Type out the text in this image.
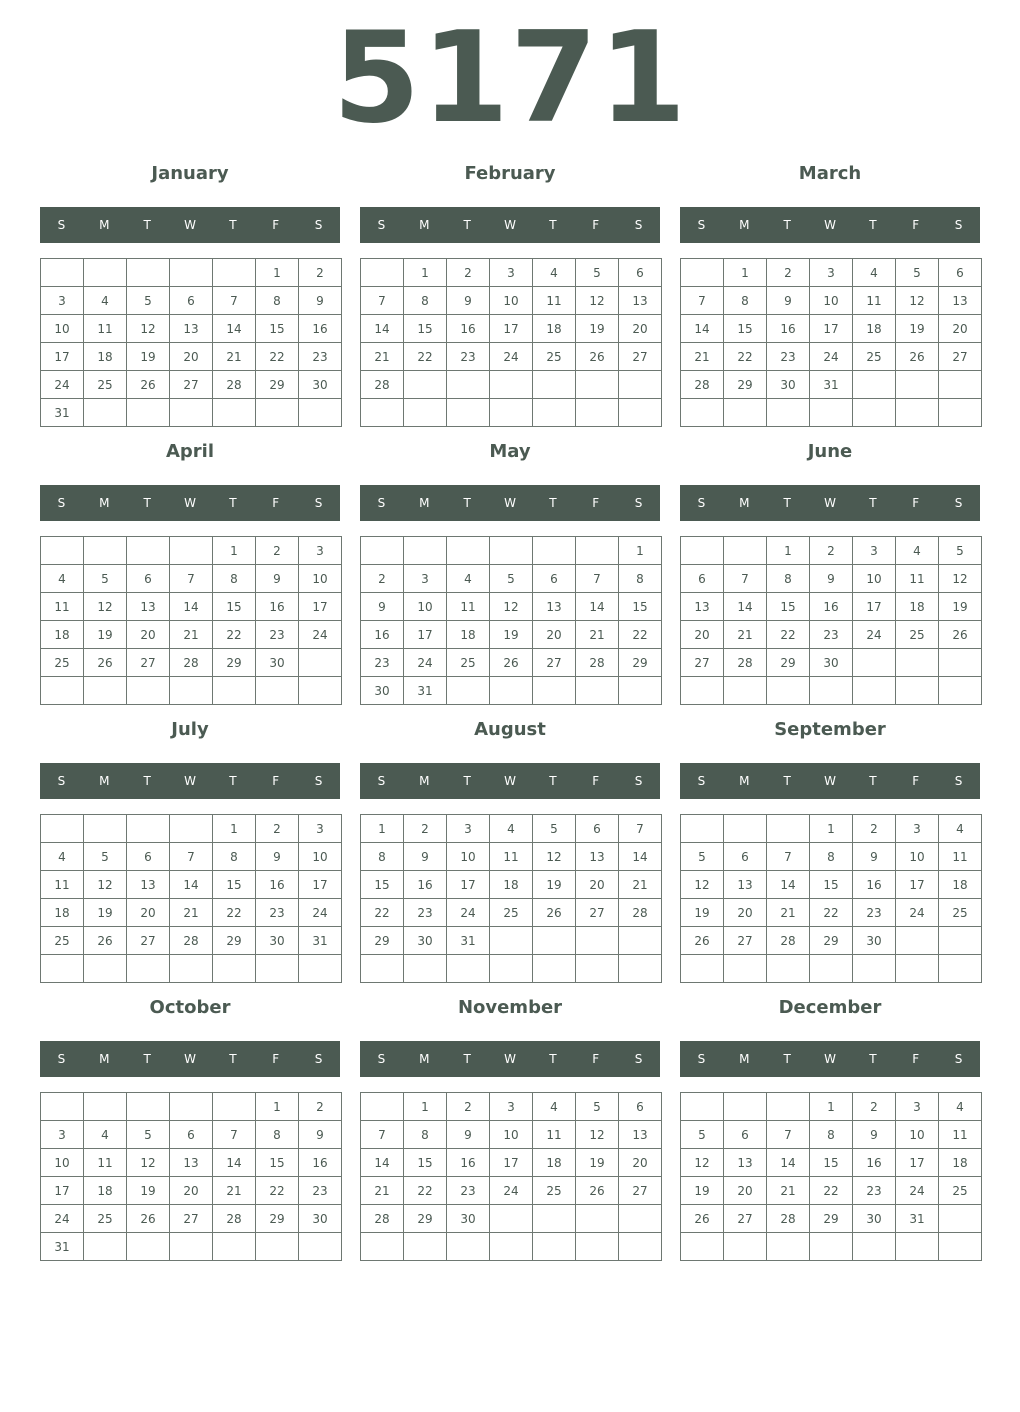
5171
January
S	M	T	W	T	F	S
					1	2
3	4	5	6	7	8	9
10	11	12	13	14	15	16
17	18	19	20	21	22	23
24	25	26	27	28	29	30
31						
February
S	M	T	W	T	F	S
	1	2	3	4	5	6
7	8	9	10	11	12	13
14	15	16	17	18	19	20
21	22	23	24	25	26	27
28						

March
S	M	T	W	T	F	S
	1	2	3	4	5	6
7	8	9	10	11	12	13
14	15	16	17	18	19	20
21	22	23	24	25	26	27
28	29	30	31			

April
S	M	T	W	T	F	S
				1	2	3
4	5	6	7	8	9	10
11	12	13	14	15	16	17
18	19	20	21	22	23	24
25	26	27	28	29	30	

May
S	M	T	W	T	F	S
						1
2	3	4	5	6	7	8
9	10	11	12	13	14	15
16	17	18	19	20	21	22
23	24	25	26	27	28	29
30	31					
June
S	M	T	W	T	F	S
		1	2	3	4	5
6	7	8	9	10	11	12
13	14	15	16	17	18	19
20	21	22	23	24	25	26
27	28	29	30			

July
S	M	T	W	T	F	S
				1	2	3
4	5	6	7	8	9	10
11	12	13	14	15	16	17
18	19	20	21	22	23	24
25	26	27	28	29	30	31

August
S	M	T	W	T	F	S
1	2	3	4	5	6	7
8	9	10	11	12	13	14
15	16	17	18	19	20	21
22	23	24	25	26	27	28
29	30	31				

September
S	M	T	W	T	F	S
			1	2	3	4
5	6	7	8	9	10	11
12	13	14	15	16	17	18
19	20	21	22	23	24	25
26	27	28	29	30		

October
S	M	T	W	T	F	S
					1	2
3	4	5	6	7	8	9
10	11	12	13	14	15	16
17	18	19	20	21	22	23
24	25	26	27	28	29	30
31						
November
S	M	T	W	T	F	S
	1	2	3	4	5	6
7	8	9	10	11	12	13
14	15	16	17	18	19	20
21	22	23	24	25	26	27
28	29	30				

December
S	M	T	W	T	F	S
			1	2	3	4
5	6	7	8	9	10	11
12	13	14	15	16	17	18
19	20	21	22	23	24	25
26	27	28	29	30	31	
